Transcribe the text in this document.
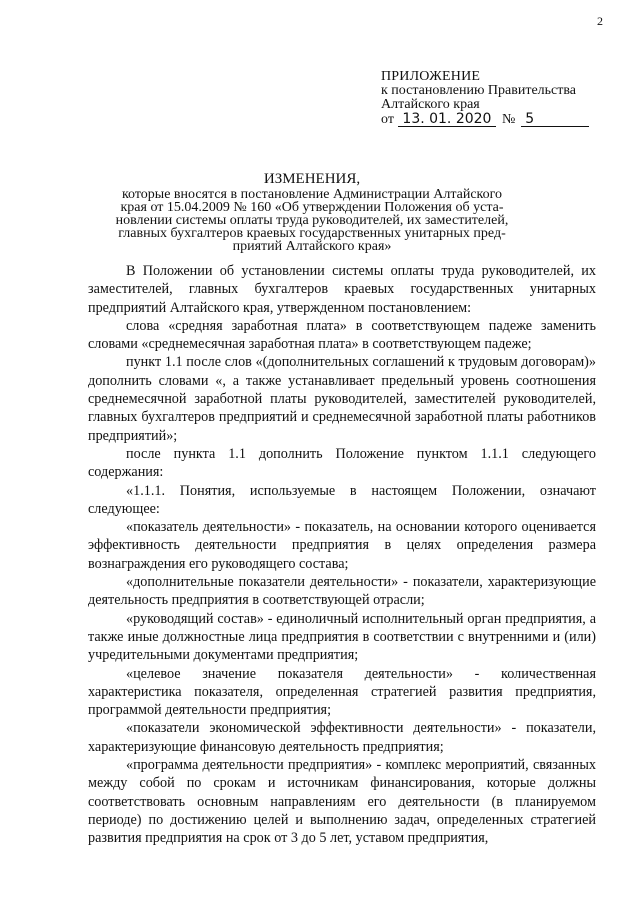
2
ПРИЛОЖЕНИЕ
к постановлению Правительства
Алтайского края
от 13. 01. 2020 № 5
ИЗМЕНЕНИЯ,
которые вносятся в постановление Администрации Алтайского
края от 15.04.2009 № 160 «Об утверждении Положения об уста-
новлении системы оплаты труда руководителей, их заместителей,
главных бухгалтеров краевых государственных унитарных пред-
приятий Алтайского края»

В Положении об установлении системы оплаты труда руководителей, их заместителей, главных бухгалтеров краевых государственных унитарных предприятий Алтайского края, утвержденном постановлением:

слова «средняя заработная плата» в соответствующем падеже заменить словами «среднемесячная заработная плата» в соответствующем падеже;

пункт 1.1 после слов «(дополнительных соглашений к трудовым договорам)» дополнить словами «, а также устанавливает предельный уровень соотношения среднемесячной заработной платы руководителей, заместителей руководителей, главных бухгалтеров предприятий и среднемесячной заработной платы работников предприятий»;

после пункта 1.1 дополнить Положение пунктом 1.1.1 следующего содержания:

«1.1.1. Понятия, используемые в настоящем Положении, означают следующее:

«показатель деятельности» - показатель, на основании которого оценивается эффективность деятельности предприятия в целях определения размера вознаграждения его руководящего состава;

«дополнительные показатели деятельности» - показатели, характеризующие деятельность предприятия в соответствующей отрасли;

«руководящий состав» - единоличный исполнительный орган предприятия, а также иные должностные лица предприятия в соответствии с внутренними и (или) учредительными документами предприятия;

«целевое значение показателя деятельности» - количественная характеристика показателя, определенная стратегией развития предприятия, программой деятельности предприятия;

«показатели экономической эффективности деятельности» - показатели, характеризующие финансовую деятельность предприятия;

«программа деятельности предприятия» - комплекс мероприятий, связанных между собой по срокам и источникам финансирования, которые должны соответствовать основным направлениям его деятельности (в планируемом периоде) по достижению целей и выполнению задач, определенных стратегией развития предприятия на срок от 3 до 5 лет, уставом предприятия,
